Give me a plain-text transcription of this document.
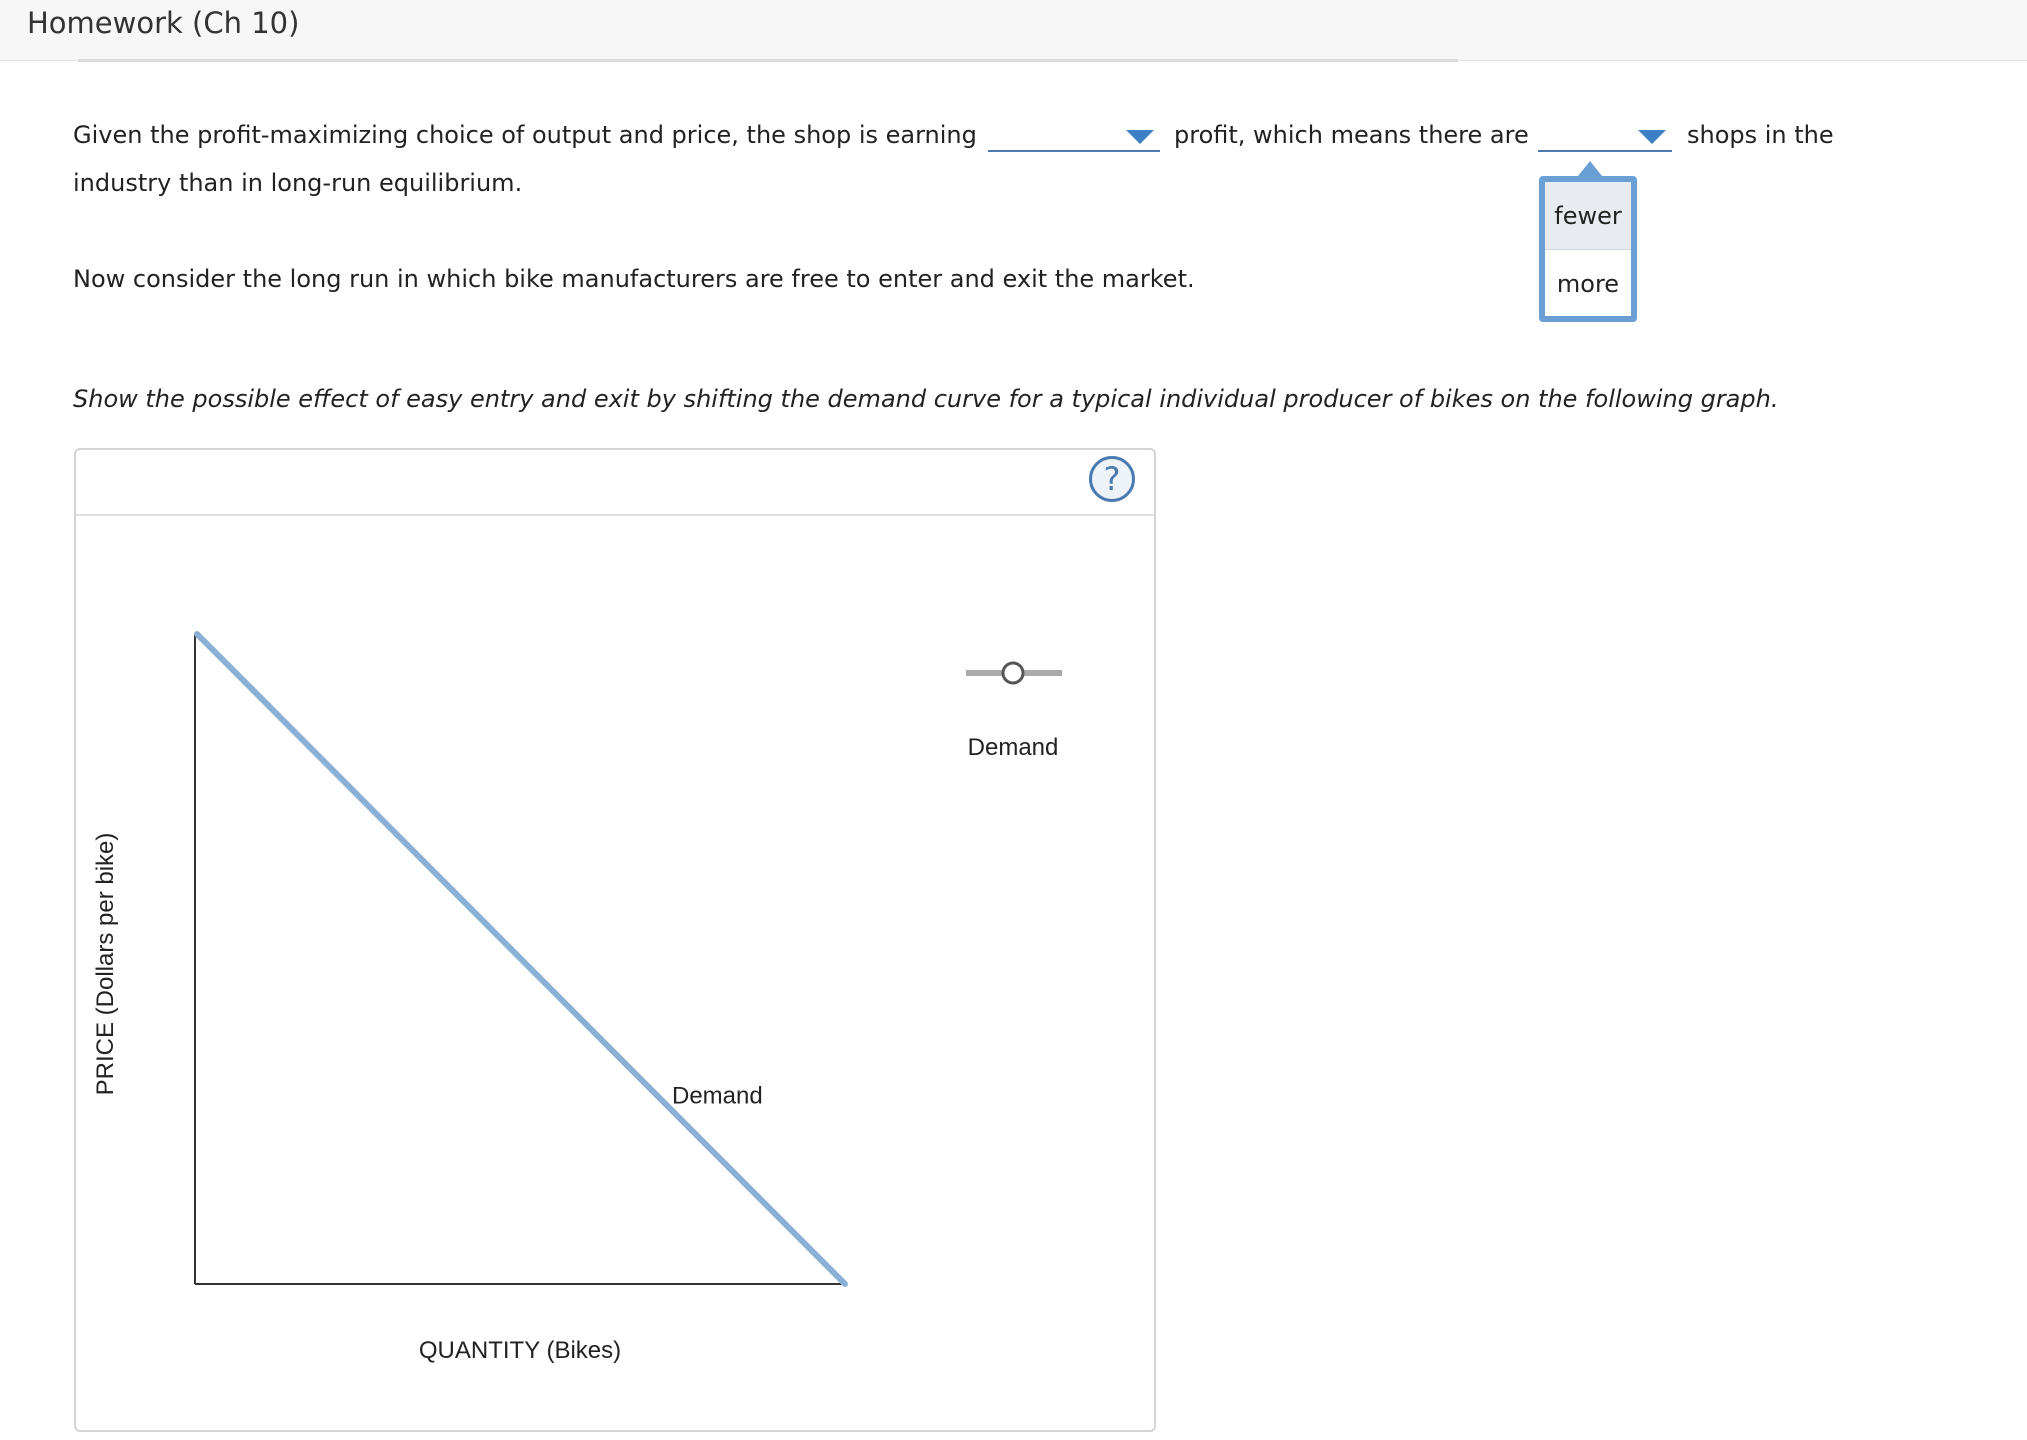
Homework (Ch 10)
Given the profit-maximizing choice of output and price, the shop is earning	profit, which means there are	shops in the
industry than in long-run equilibrium.
fewer
more
Now consider the long run in which bike manufacturers are free to enter and exit the market.
Show the possible effect of easy entry and exit by shifting the demand curve for a typical individual producer of bikes on the following graph.
?
Demand
QUANTITY (Bikes)
PRICE (Dollars per bike)
Demand
